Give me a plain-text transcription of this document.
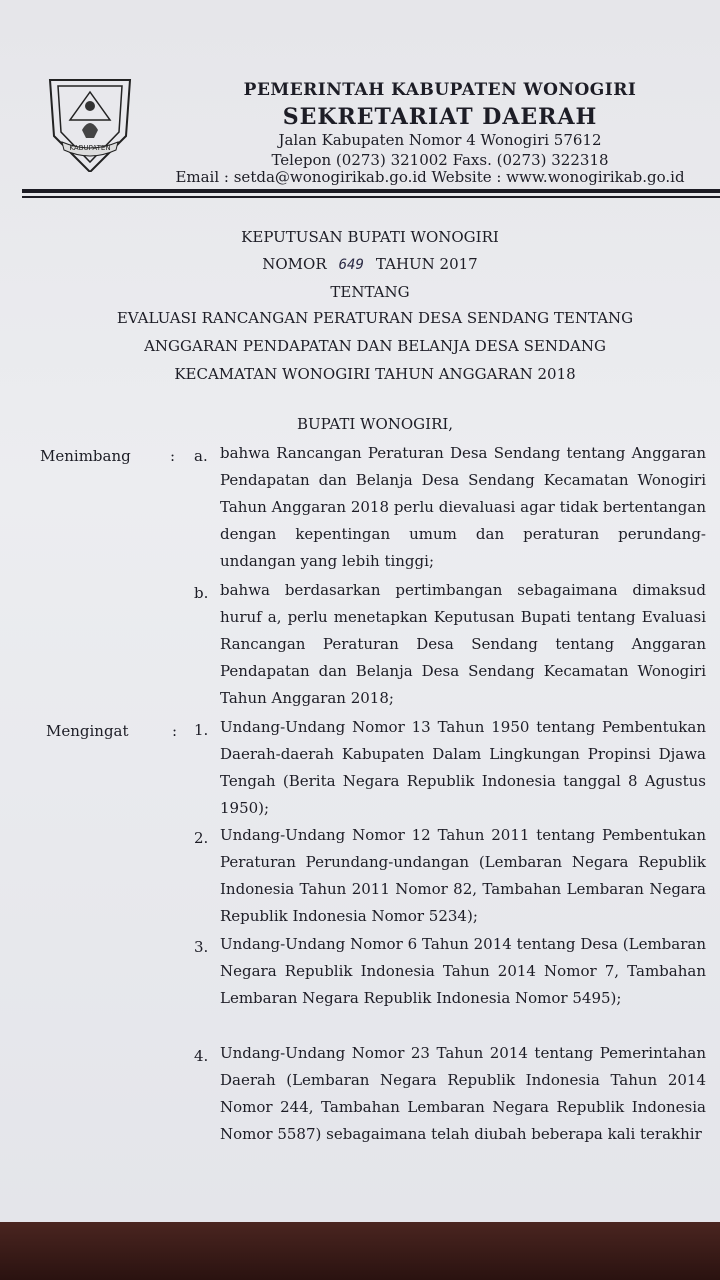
KABUPATEN
PEMERINTAH KABUPATEN WONOGIRI
SEKRETARIAT DAERAH
Jalan Kabupaten Nomor 4 Wonogiri 57612
Telepon (0273) 321002 Faxs. (0273) 322318
Email : setda@wonogirikab.go.id Website : www.wonogirikab.go.id
KEPUTUSAN BUPATI WONOGIRI
NOMOR 649 TAHUN 2017
TENTANG
EVALUASI RANCANGAN PERATURAN DESA SENDANG TENTANG
ANGGARAN PENDAPATAN DAN BELANJA DESA SENDANG
KECAMATAN WONOGIRI TAHUN ANGGARAN 2018
BUPATI WONOGIRI,
Menimbang	: a. bahwa Rancangan Peraturan Desa Sendang tentang Anggaran Pendapatan dan Belanja Desa Sendang Kecamatan Wonogiri Tahun Anggaran 2018 perlu dievaluasi agar tidak bertentangan dengan kepentingan umum dan peraturan perundang-undangan yang lebih tinggi;
b. bahwa berdasarkan pertimbangan sebagaimana dimaksud huruf a, perlu menetapkan Keputusan Bupati tentang Evaluasi Rancangan Peraturan Desa Sendang tentang Anggaran Pendapatan dan Belanja Desa Sendang Kecamatan Wonogiri Tahun Anggaran 2018;
Mengingat	: 1. Undang-Undang Nomor 13 Tahun 1950 tentang Pembentukan Daerah-daerah Kabupaten Dalam Lingkungan Propinsi Djawa Tengah (Berita Negara Republik Indonesia tanggal 8 Agustus 1950);
2. Undang-Undang Nomor 12 Tahun 2011 tentang Pembentukan Peraturan Perundang-undangan (Lembaran Negara Republik Indonesia Tahun 2011 Nomor 82, Tambahan Lembaran Negara Republik Indonesia Nomor 5234);
3. Undang-Undang Nomor 6 Tahun 2014 tentang Desa (Lembaran Negara Republik Indonesia Tahun 2014 Nomor 7, Tambahan Lembaran Negara Republik Indonesia Nomor 5495);
4. Undang-Undang Nomor 23 Tahun 2014 tentang Pemerintahan Daerah (Lembaran Negara Republik Indonesia Tahun 2014 Nomor 244, Tambahan Lembaran Negara Republik Indonesia Nomor 5587) sebagaimana telah diubah beberapa kali terakhir
